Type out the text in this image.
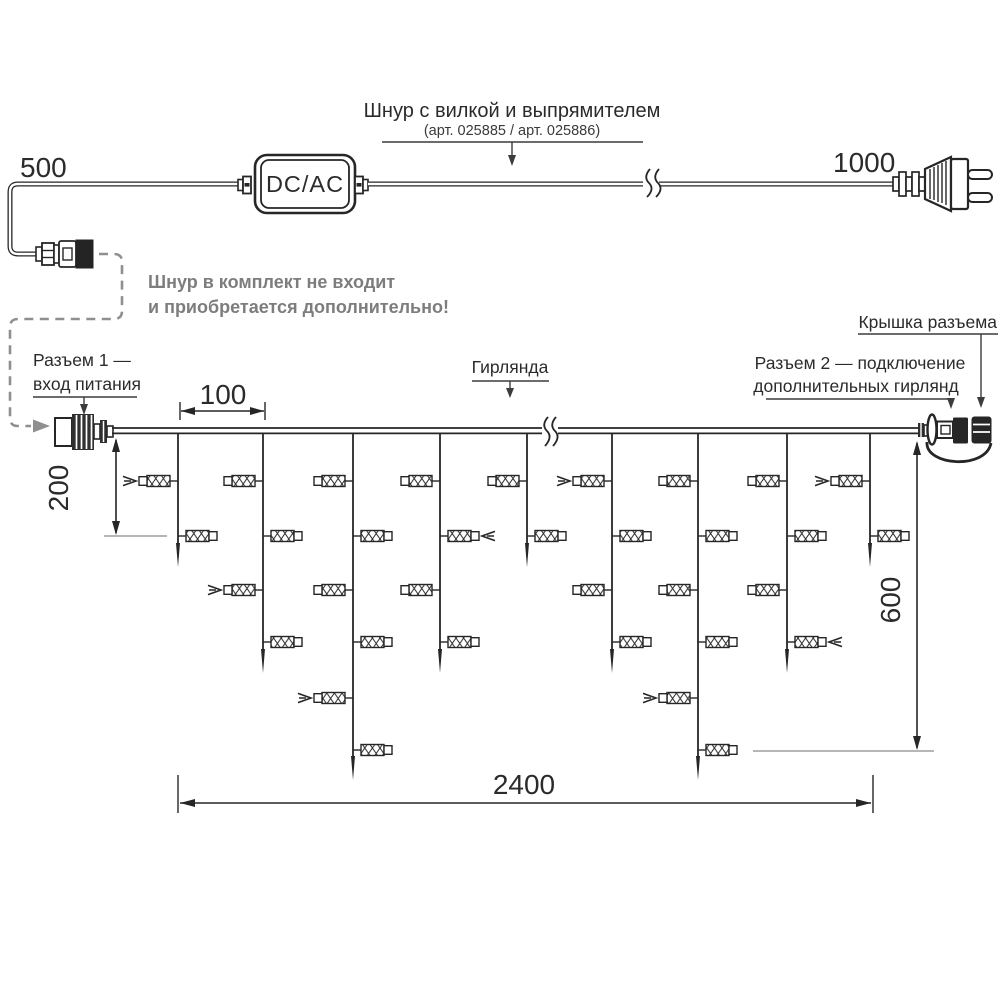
DC/AC
500	1000
Шнур с вилкой и выпрямителем
(арт. 025885 / арт. 025886)
Шнур в комплект не входит
и приобретается дополнительно!
Разъем 1 —
вход питания
Гирлянда
Крышка разъема
Разъем 2 — подключение
дополнительных гирлянд
100
200
600
2400
